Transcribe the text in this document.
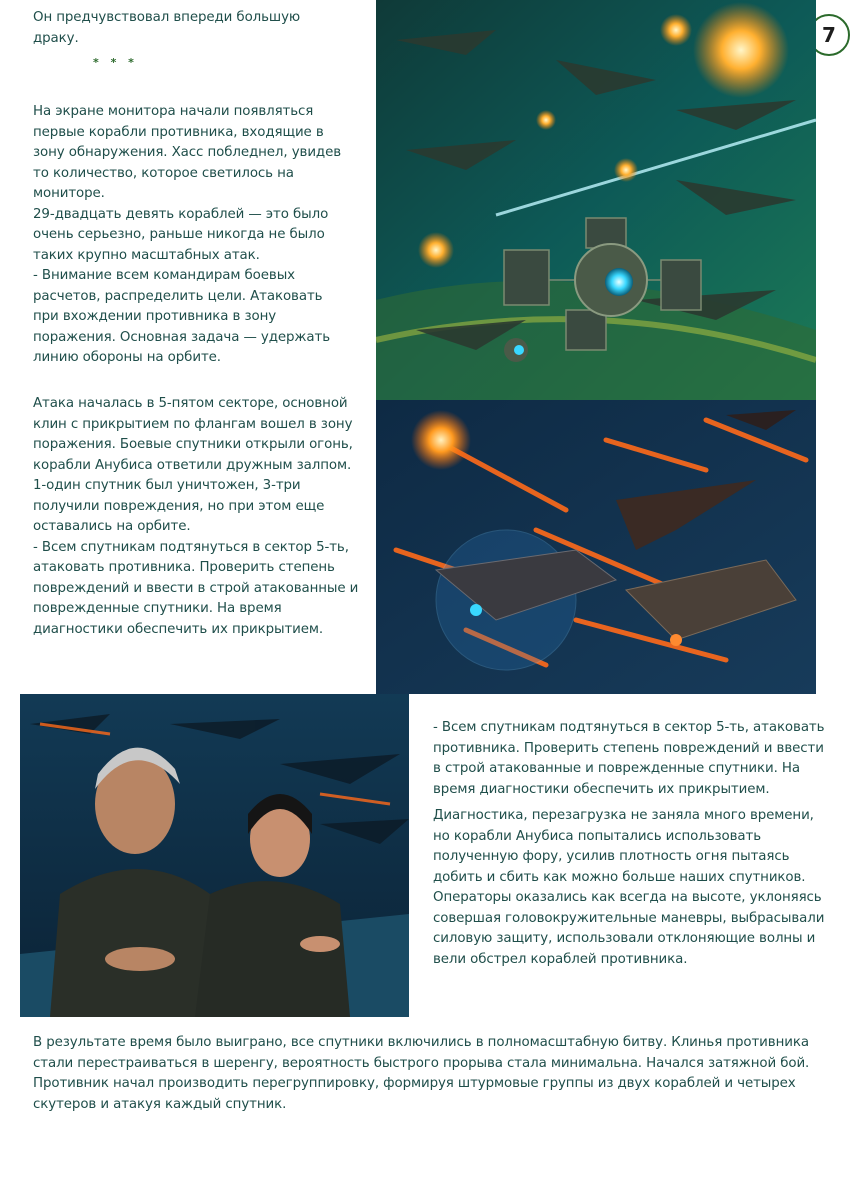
7

Он предчувствовал впереди большую драку.

* * *

На экране монитора начали появляться первые корабли противника, входящие в зону обнаружения. Хасс побледнел, увидев то количество, которое светилось на мониторе.

29-двадцать девять кораблей — это было очень серьезно, раньше никогда не было таких крупно масштабных атак.

- Внимание всем командирам боевых расчетов, распределить цели. Атаковать при вхождении противника в зону поражения. Основная задача — удержать линию обороны на орбите.

Атака началась в 5-пятом секторе, основной клин с прикрытием по флангам вошел в зону поражения. Боевые спутники открыли огонь, корабли Анубиса ответили дружным залпом. 1-один спутник был уничтожен, 3-три получили повреждения, но при этом еще оставались на орбите.

- Всем спутникам подтянуться в сектор 5-ть, атаковать противника. Проверить степень повреждений и ввести в строй атакованные и поврежденные спутники. На время диагностики обеспечить их прикрытием.

- Всем спутникам подтянуться в сектор 5-ть, атаковать противника. Проверить степень повреждений и ввести в строй атакованные и поврежденные спутники. На время диагностики обеспечить их прикрытием.

Диагностика, перезагрузка не заняла много времени, но корабли Анубиса попытались использовать полученную фору, усилив плотность огня пытаясь добить и сбить как можно больше наших спутников. Операторы оказались как всегда на высоте, уклоняясь совершая головокружительные маневры, выбрасывали силовую защиту, использовали отклоняющие волны и вели обстрел кораблей противника.

В результате время было выиграно, все спутники включились в полномасштабную битву. Клинья противника стали перестраиваться в шеренгу, вероятность быстрого прорыва стала минимальна. Начался затяжной бой. Противник начал производить перегруппировку, формируя штурмовые группы из двух кораблей и четырех скутеров и атакуя каждый спутник.
